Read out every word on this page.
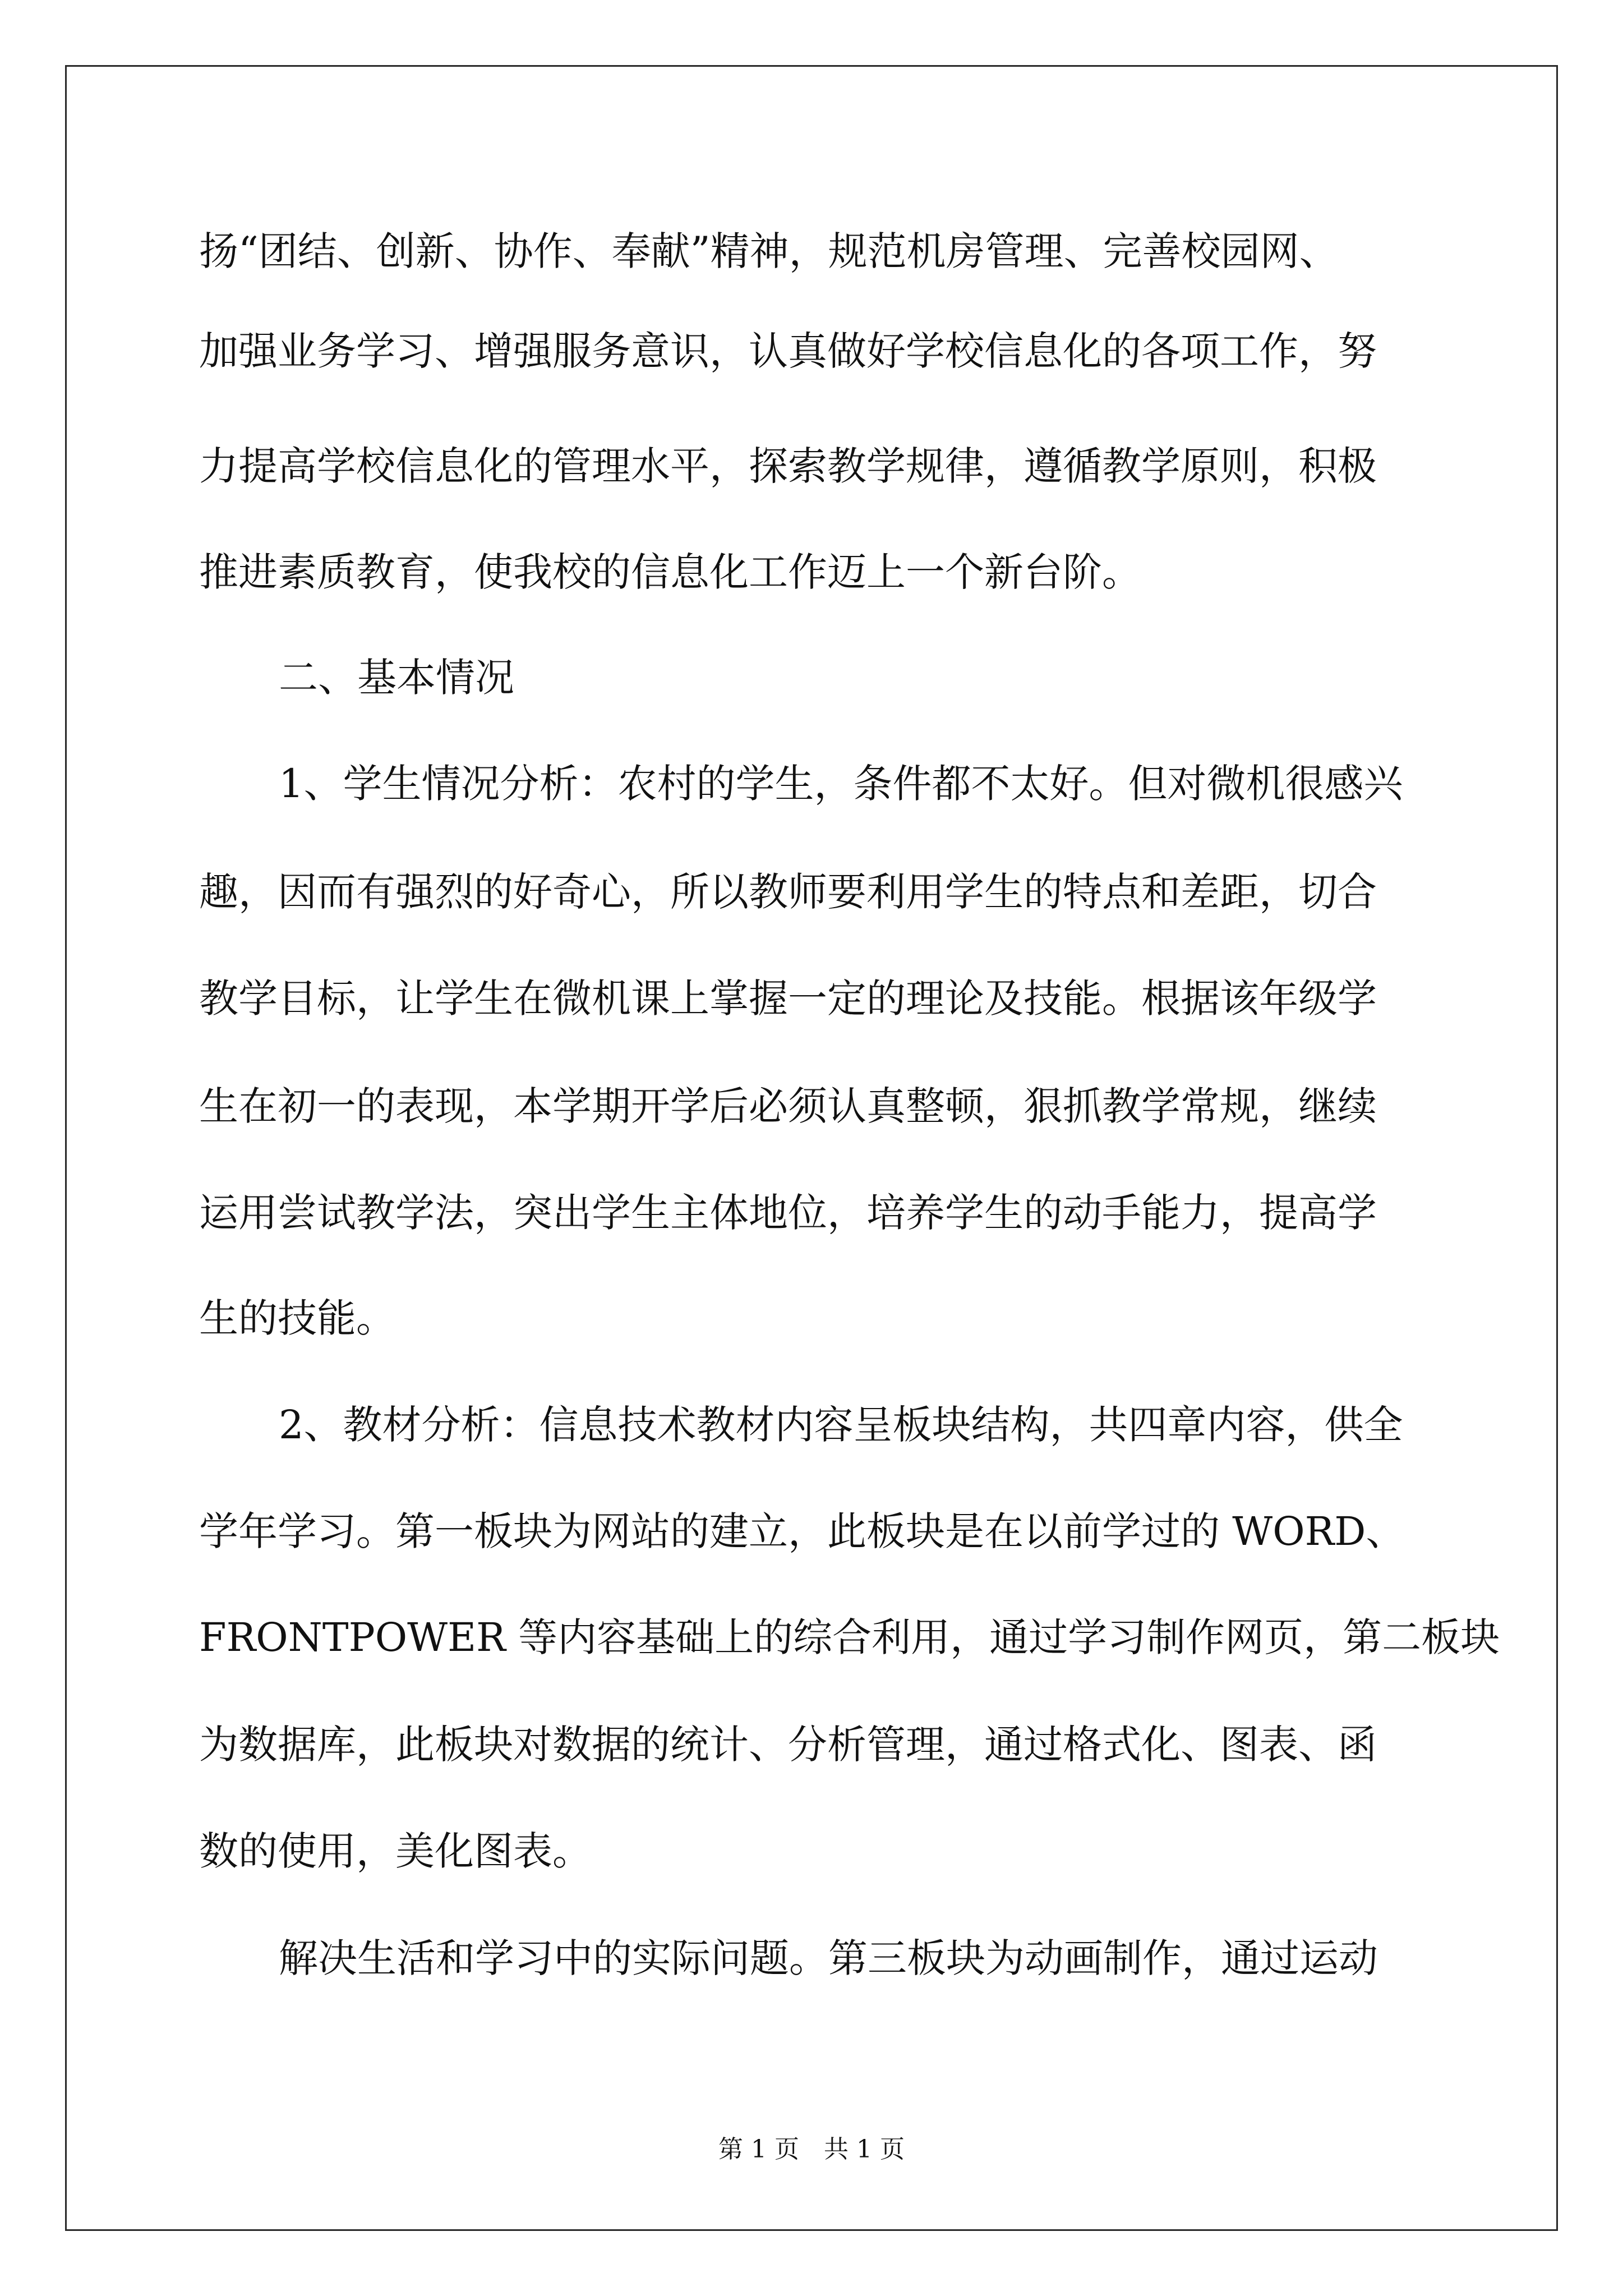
扬“团结、创新、协作、奉献”精神，规范机房管理、完善校园网、
加强业务学习、增强服务意识，认真做好学校信息化的各项工作，努
力提高学校信息化的管理水平，探索教学规律，遵循教学原则，积极
推进素质教育，使我校的信息化工作迈上一个新台阶。
二、基本情况
1、学生情况分析：农村的学生，条件都不太好。但对微机很感兴
趣，因而有强烈的好奇心，所以教师要利用学生的特点和差距，切合
教学目标，让学生在微机课上掌握一定的理论及技能。根据该年级学
生在初一的表现，本学期开学后必须认真整顿，狠抓教学常规，继续
运用尝试教学法，突出学生主体地位，培养学生的动手能力，提高学
生的技能。
2、教材分析：信息技术教材内容呈板块结构，共四章内容，供全
学年学习。第一板块为网站的建立，此板块是在以前学过的 WORD、
FRONTPOWER 等内容基础上的综合利用，通过学习制作网页，第二板块
为数据库，此板块对数据的统计、分析管理，通过格式化、图表、函
数的使用，美化图表。
解决生活和学习中的实际问题。第三板块为动画制作，通过运动
第 1 页　共 1 页
